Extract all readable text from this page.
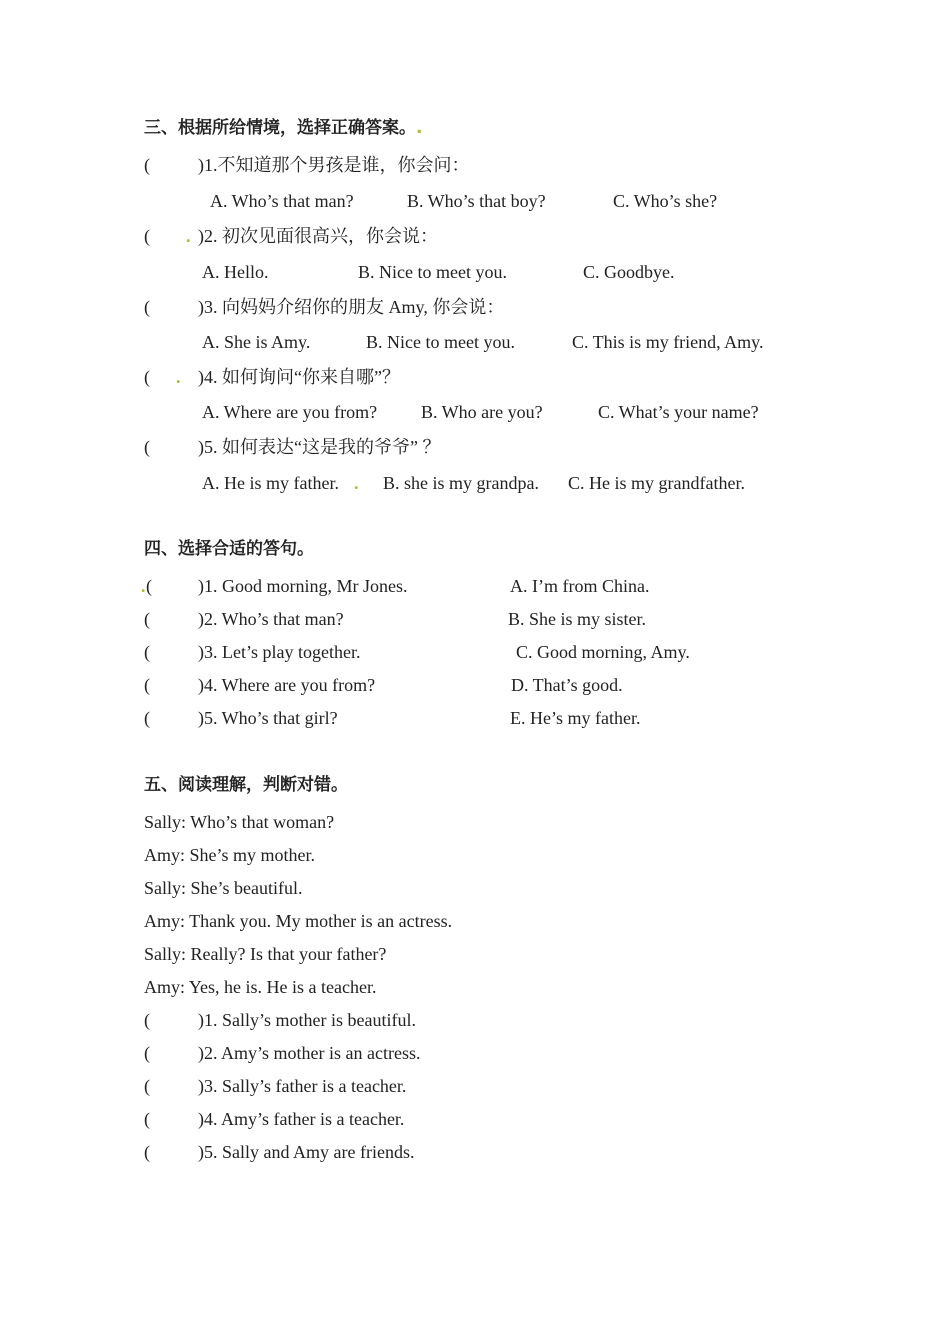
三、根据所给情境，选择正确答案。.
(	)1.不知道那个男孩是谁，你会问：
A. Who’s that man?	B. Who’s that boy?	C. Who’s she?
( . )2. 初次见面很高兴，你会说：
A. Hello.	B. Nice to meet you.	C. Goodbye.
(	)3. 向妈妈介绍你的朋友 Amy, 你会说：
A. She is Amy.	B. Nice to meet you.	C. This is my friend, Amy.
( . )4. 如何询问“你来自哪”？
A. Where are you from? B. Who are you?	C. What’s your name?
(	)5. 如何表达“这是我的爷爷” ？
A. He is my father. . B. she is my grandpa. C. He is my grandfather.
四、选择合适的答句。
. (	)1. Good morning, Mr Jones.	A. I’m from China.
(	)2. Who’s that man?	B. She is my sister.
(	)3. Let’s play together.	C. Good morning, Amy.
(	)4. Where are you from?	D. That’s good.
(	)5. Who’s that girl?	E. He’s my father.
五、阅读理解，判断对错。
Sally: Who’s that woman?
Amy: She’s my mother.
Sally: She’s beautiful.
Amy: Thank you. My mother is an actress.
Sally: Really? Is that your father?
Amy: Yes, he is. He is a teacher.
(	)1. Sally’s mother is beautiful.
(	)2. Amy’s mother is an actress.
(	)3. Sally’s father is a teacher.
(	)4. Amy’s father is a teacher.
(	)5. Sally and Amy are friends.
